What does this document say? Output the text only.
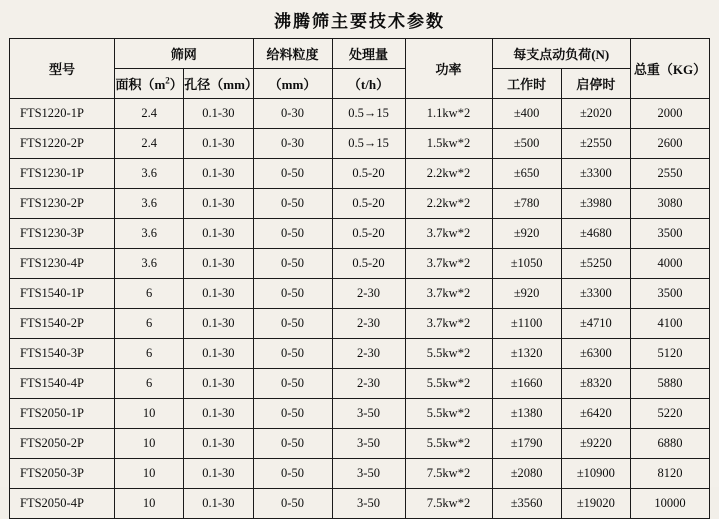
沸腾筛主要技术参数
型号	筛网		给料粒度	处理量	功率	每支点动负荷(N)		总重（KG）
	面积$(m^2)$	孔径（mm）				工作时	启停时	
			（mm）	（t/h）				
FTS1220-1P	2.4	0.1-30	0-30	0.5→15	1.1kw*2	±400	±2020	2000
FTS1220-2P	2.4	0.1-30	0-30	0.5→15	1.5kw*2	±500	±2550	2600
FTS1230-1P	3.6	0.1-30	0-50	0.5-20	2.2kw*2	±650	±3300	2550
FTS1230-2P	3.6	0.1-30	0-50	0.5-20	2.2kw*2	±780	±3980	3080
FTS1230-3P	3.6	0.1-30	0-50	0.5-20	3.7kw*2	±920	±4680	3500
FTS1230-4P	3.6	0.1-30	0-50	0.5-20	3.7kw*2	±1050	±5250	4000
FTS1540-1P	6	0.1-30	0-50	2-30	3.7kw*2	±920	±3300	3500
FTS1540-2P	6	0.1-30	0-50	2-30	3.7kw*2	±1100	±4710	4100
FTS1540-3P	6	0.1-30	0-50	2-30	5.5kw*2	±1320	±6300	5120
FTS1540-4P	6	0.1-30	0-50	2-30	5.5kw*2	±1660	±8320	5880
FTS2050-1P	10	0.1-30	0-50	3-50	5.5kw*2	±1380	±6420	5220
FTS2050-2P	10	0.1-30	0-50	3-50	5.5kw*2	±1790	±9220	6880
FTS2050-3P	10	0.1-30	0-50	3-50	7.5kw*2	±2080	±10900	8120
FTS2050-4P	10	0.1-30	0-50	3-50	7.5kw*2	±3560	±19020	10000
